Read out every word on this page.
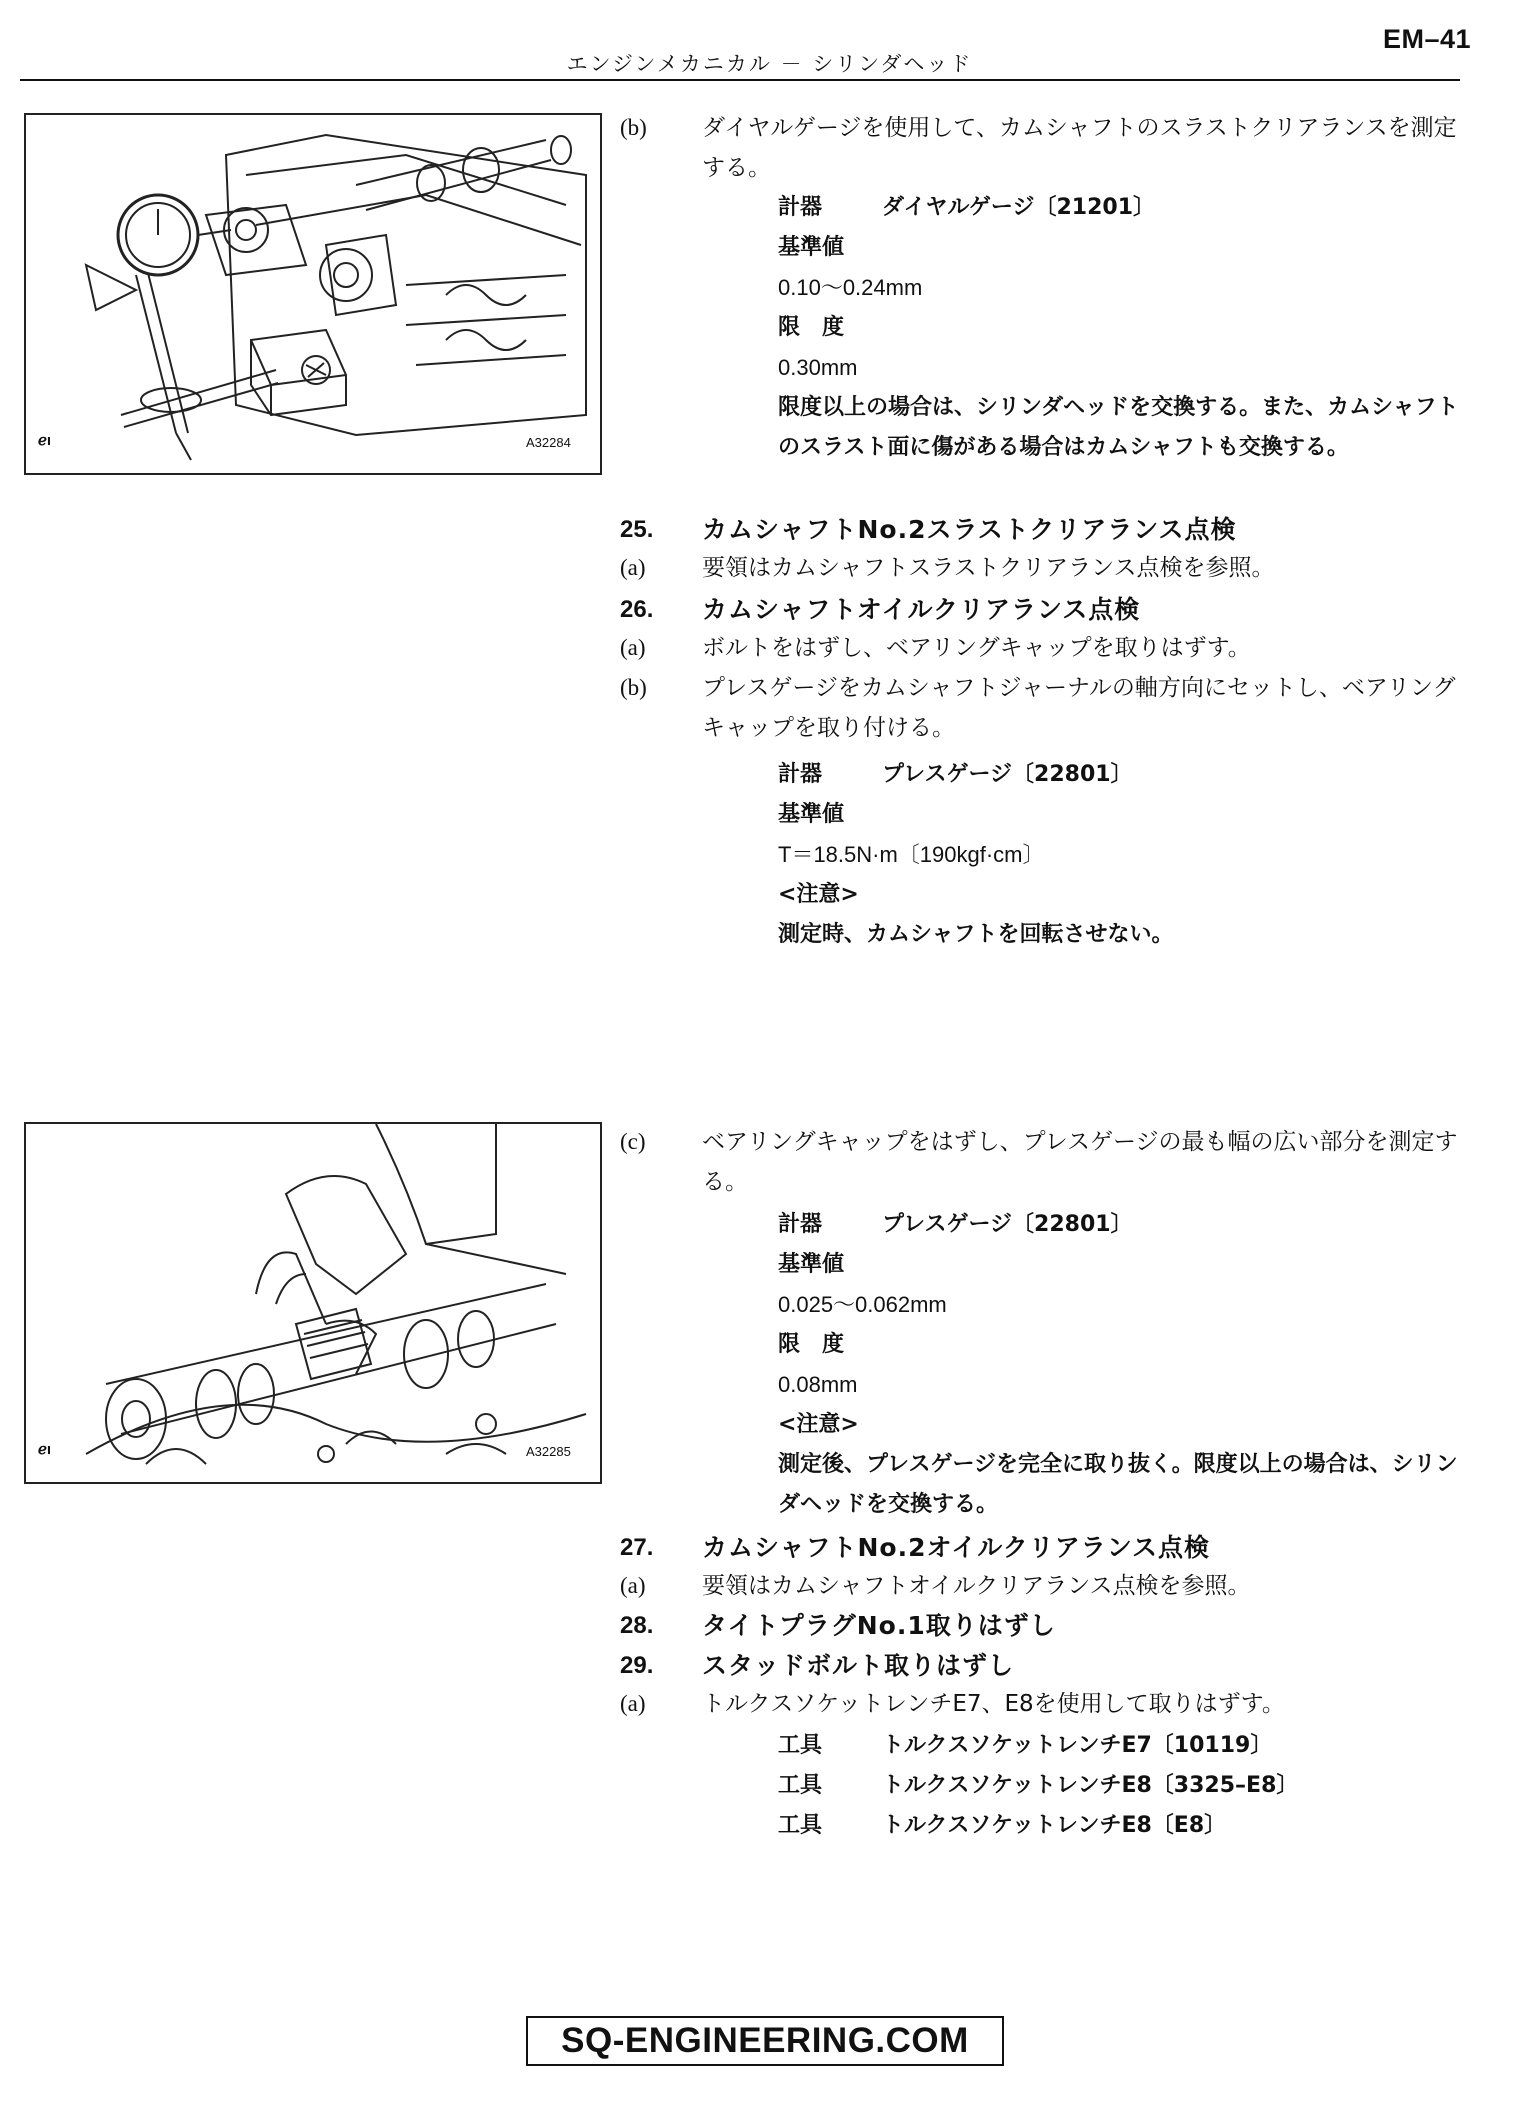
EM–41
エンジンメカニカル － シリンダヘッド
ℯı	A32284
(b)	ダイヤルゲージを使用して、カムシャフトのスラストクリアランスを測定する。
計器	ダイヤルゲージ〔21201〕
基準値
0.10～0.24mm
限　度
0.30mm
限度以上の場合は、シリンダヘッドを交換する。また、カムシャフトのスラスト面に傷がある場合はカムシャフトも交換する。
25.	カムシャフトNo.2スラストクリアランス点検
(a)	要領はカムシャフトスラストクリアランス点検を参照。
26.	カムシャフトオイルクリアランス点検
(a)	ボルトをはずし、ベアリングキャップを取りはずす。
(b)	プレスゲージをカムシャフトジャーナルの軸方向にセットし、ベアリングキャップを取り付ける。
計器	プレスゲージ〔22801〕
基準値
T＝18.5N·m〔190kgf·cm〕
<注意>
測定時、カムシャフトを回転させない。
ℯı	A32285
(c)	ベアリングキャップをはずし、プレスゲージの最も幅の広い部分を測定する。
計器	プレスゲージ〔22801〕
基準値
0.025～0.062mm
限　度
0.08mm
<注意>
測定後、プレスゲージを完全に取り抜く。限度以上の場合は、シリンダヘッドを交換する。
27.	カムシャフトNo.2オイルクリアランス点検
(a)	要領はカムシャフトオイルクリアランス点検を参照。
28.	タイトプラグNo.1取りはずし
29.	スタッドボルト取りはずし
(a)	トルクスソケットレンチE7、E8を使用して取りはずす。
工具	トルクスソケットレンチE7〔10119〕
工具	トルクスソケットレンチE8〔3325–E8〕
工具	トルクスソケットレンチE8〔E8〕
SQ-ENGINEERING.COM
